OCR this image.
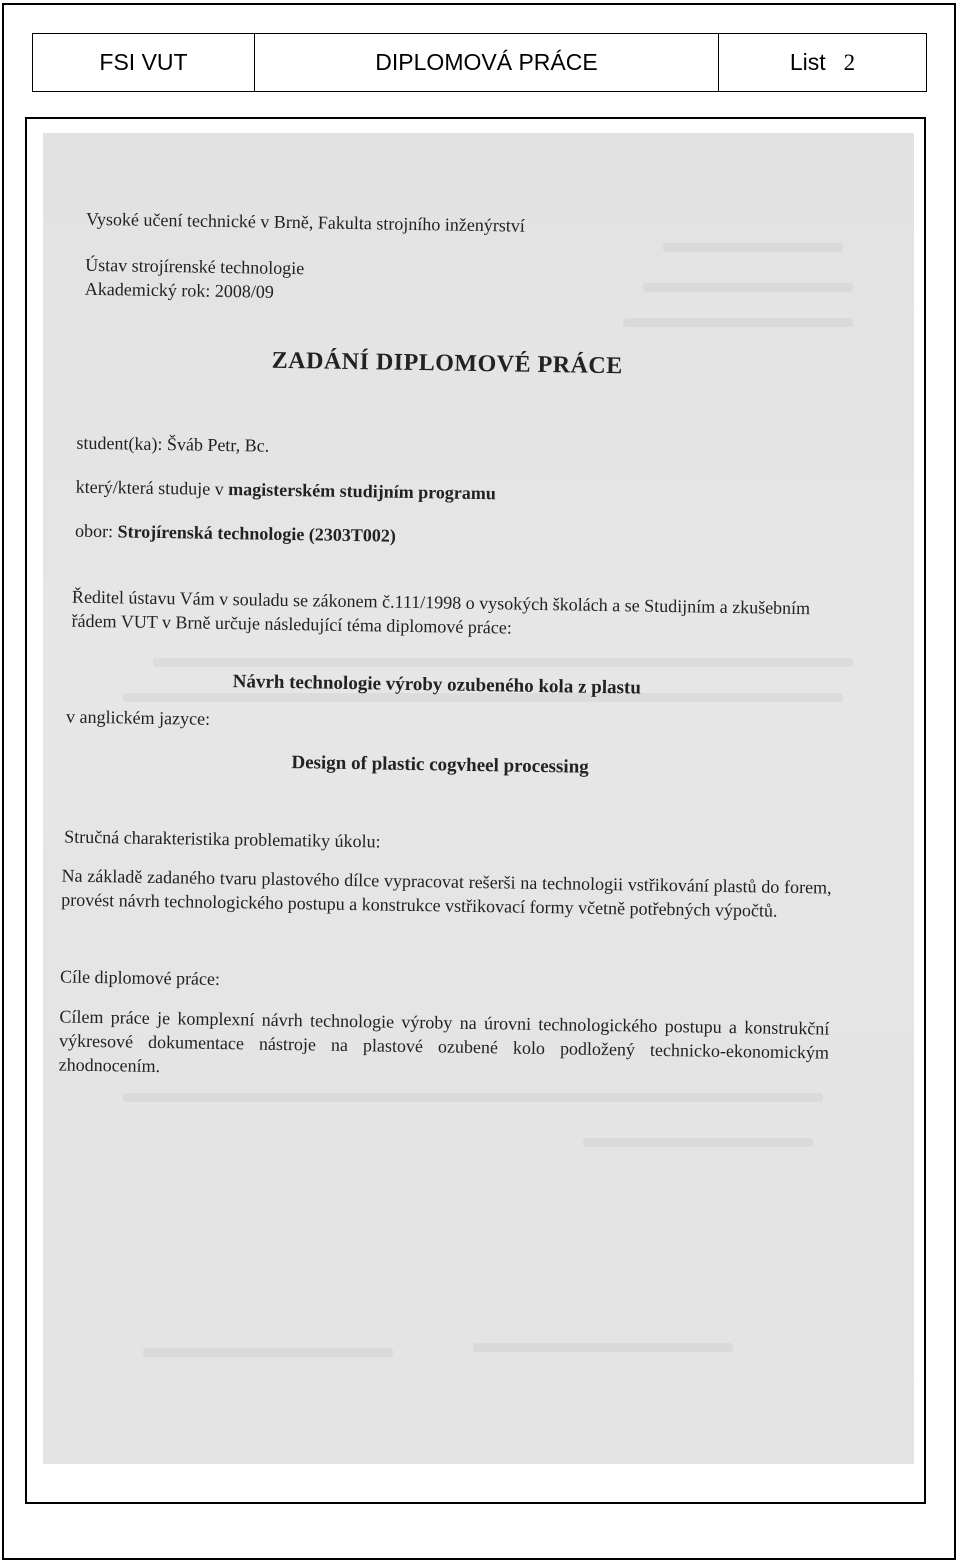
FSI VUT	DIPLOMOVÁ PRÁCE	List 2
Vysoké učení technické v Brně, Fakulta strojního inženýrství
Ústav strojírenské technologie
Akademický rok: 2008/09
ZADÁNÍ DIPLOMOVÉ PRÁCE
student(ka): Šváb Petr, Bc.
který/která studuje v magisterském studijním programu
obor: Strojírenská technologie (2303T002)
Ředitel ústavu Vám v souladu se zákonem č.111/1998 o vysokých školách a se Studijním a zkušebním řádem VUT v Brně určuje následující téma diplomové práce:
Návrh technologie výroby ozubeného kola z plastu
v anglickém jazyce:
Design of plastic cogvheel processing
Stručná charakteristika problematiky úkolu:
Na základě zadaného tvaru plastového dílce vypracovat rešerši na technologii vstřikování plastů do forem, provést návrh technologického postupu a konstrukce vstřikovací formy včetně potřebných výpočtů.
Cíle diplomové práce:
Cílem práce je komplexní návrh technologie výroby na úrovni technologického postupu a konstrukční výkresové dokumentace nástroje na plastové ozubené kolo podložený technicko-ekonomickým zhodnocením.
